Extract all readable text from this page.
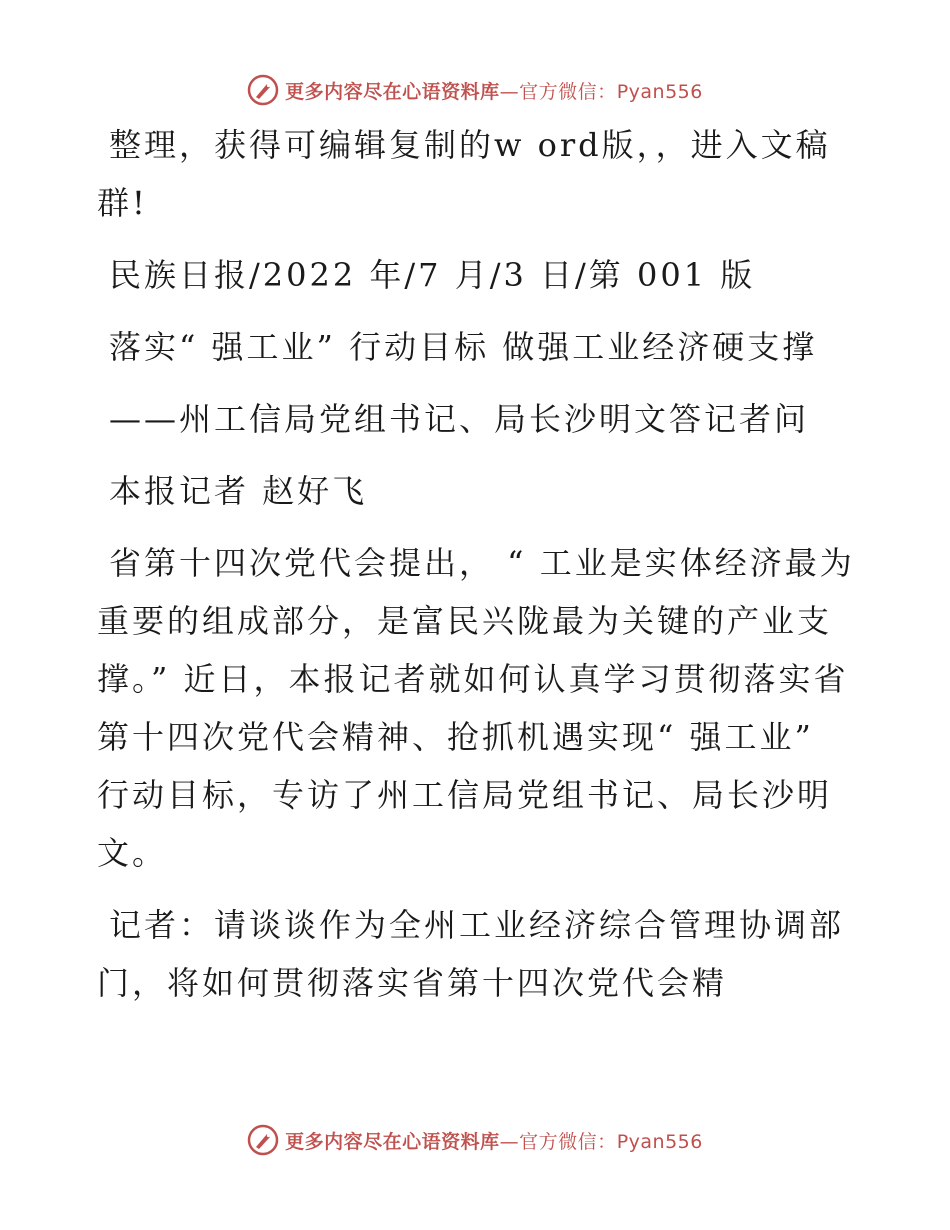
更多内容尽在心语资料库—官方微信：Pyan556

整理，获得可编辑复制的w ord版，，进入文稿群!

民族日报/2022 年/7 月/3 日/第 001 版

落实“ 强工业” 行动目标 做强工业经济硬支撑

——州工信局党组书记、局长沙明文答记者问

本报记者 赵好飞

省第十四次党代会提出， “ 工业是实体经济最为重要的组成部分，是富民兴陇最为关键的产业支撑。” 近日，本报记者就如何认真学习贯彻落实省第十四次党代会精神、抢抓机遇实现“ 强工业” 行动目标，专访了州工信局党组书记、局长沙明文。

记者：请谈谈作为全州工业经济综合管理协调部门，将如何贯彻落实省第十四次党代会精

更多内容尽在心语资料库—官方微信：Pyan556
